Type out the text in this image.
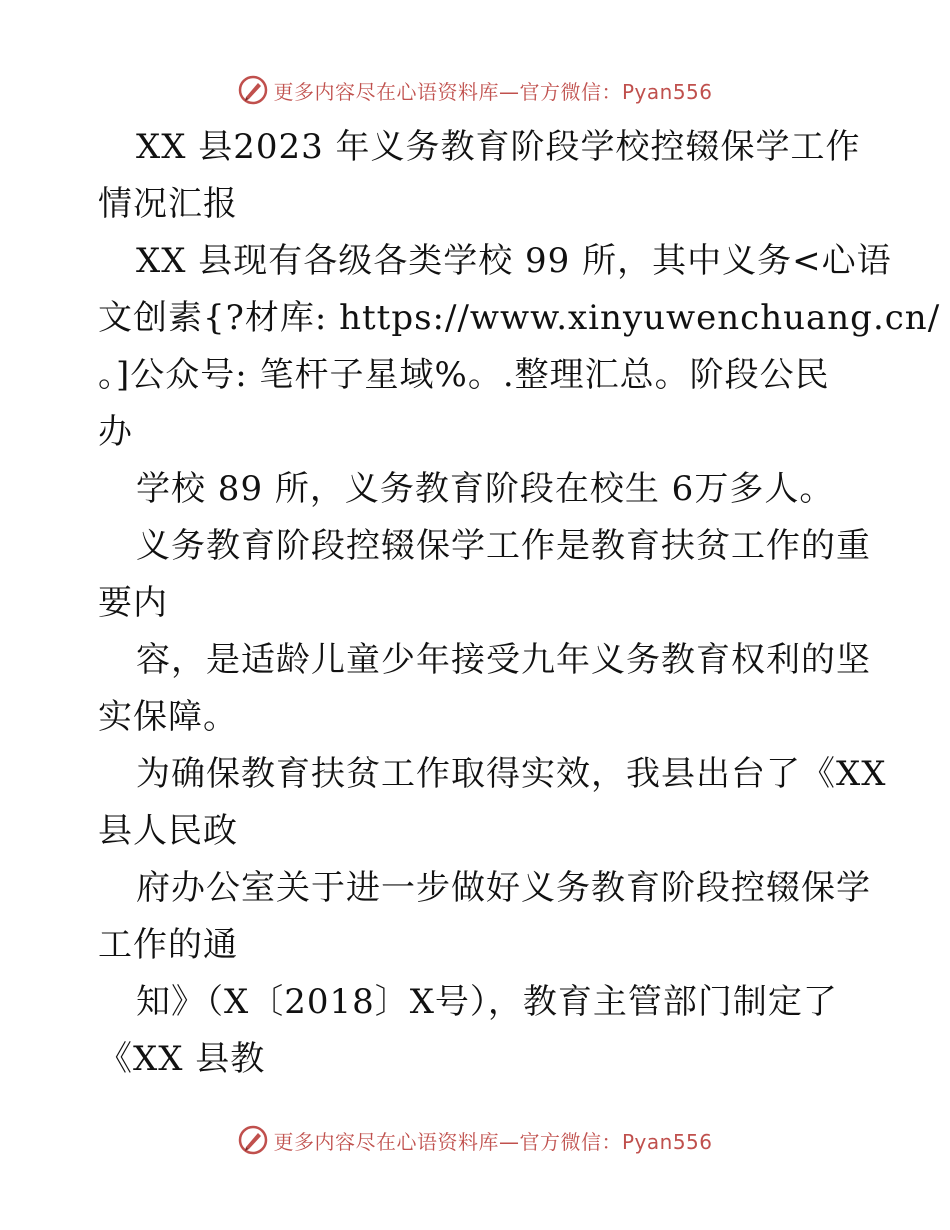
更多内容尽在心语资料库—官方微信：Pyan556
XX 县2023 年义务教育阶段学校控辍保学工作
情况汇报
XX 县现有各级各类学校 99 所，其中义务<心语
文创素{?材库: https://www.xinyuwenchuang.cn/
。]公众号: 笔杆子星域%。.整理汇总。阶段公民
办
学校 89 所，义务教育阶段在校生 6万多人。
义务教育阶段控辍保学工作是教育扶贫工作的重
要内
容，是适龄儿童少年接受九年义务教育权利的坚
实保障。
为确保教育扶贫工作取得实效，我县出台了《XX
县人民政
府办公室关于进一步做好义务教育阶段控辍保学
工作的通
知》（X〔2018〕X号），教育主管部门制定了
《XX 县教
更多内容尽在心语资料库—官方微信：Pyan556
